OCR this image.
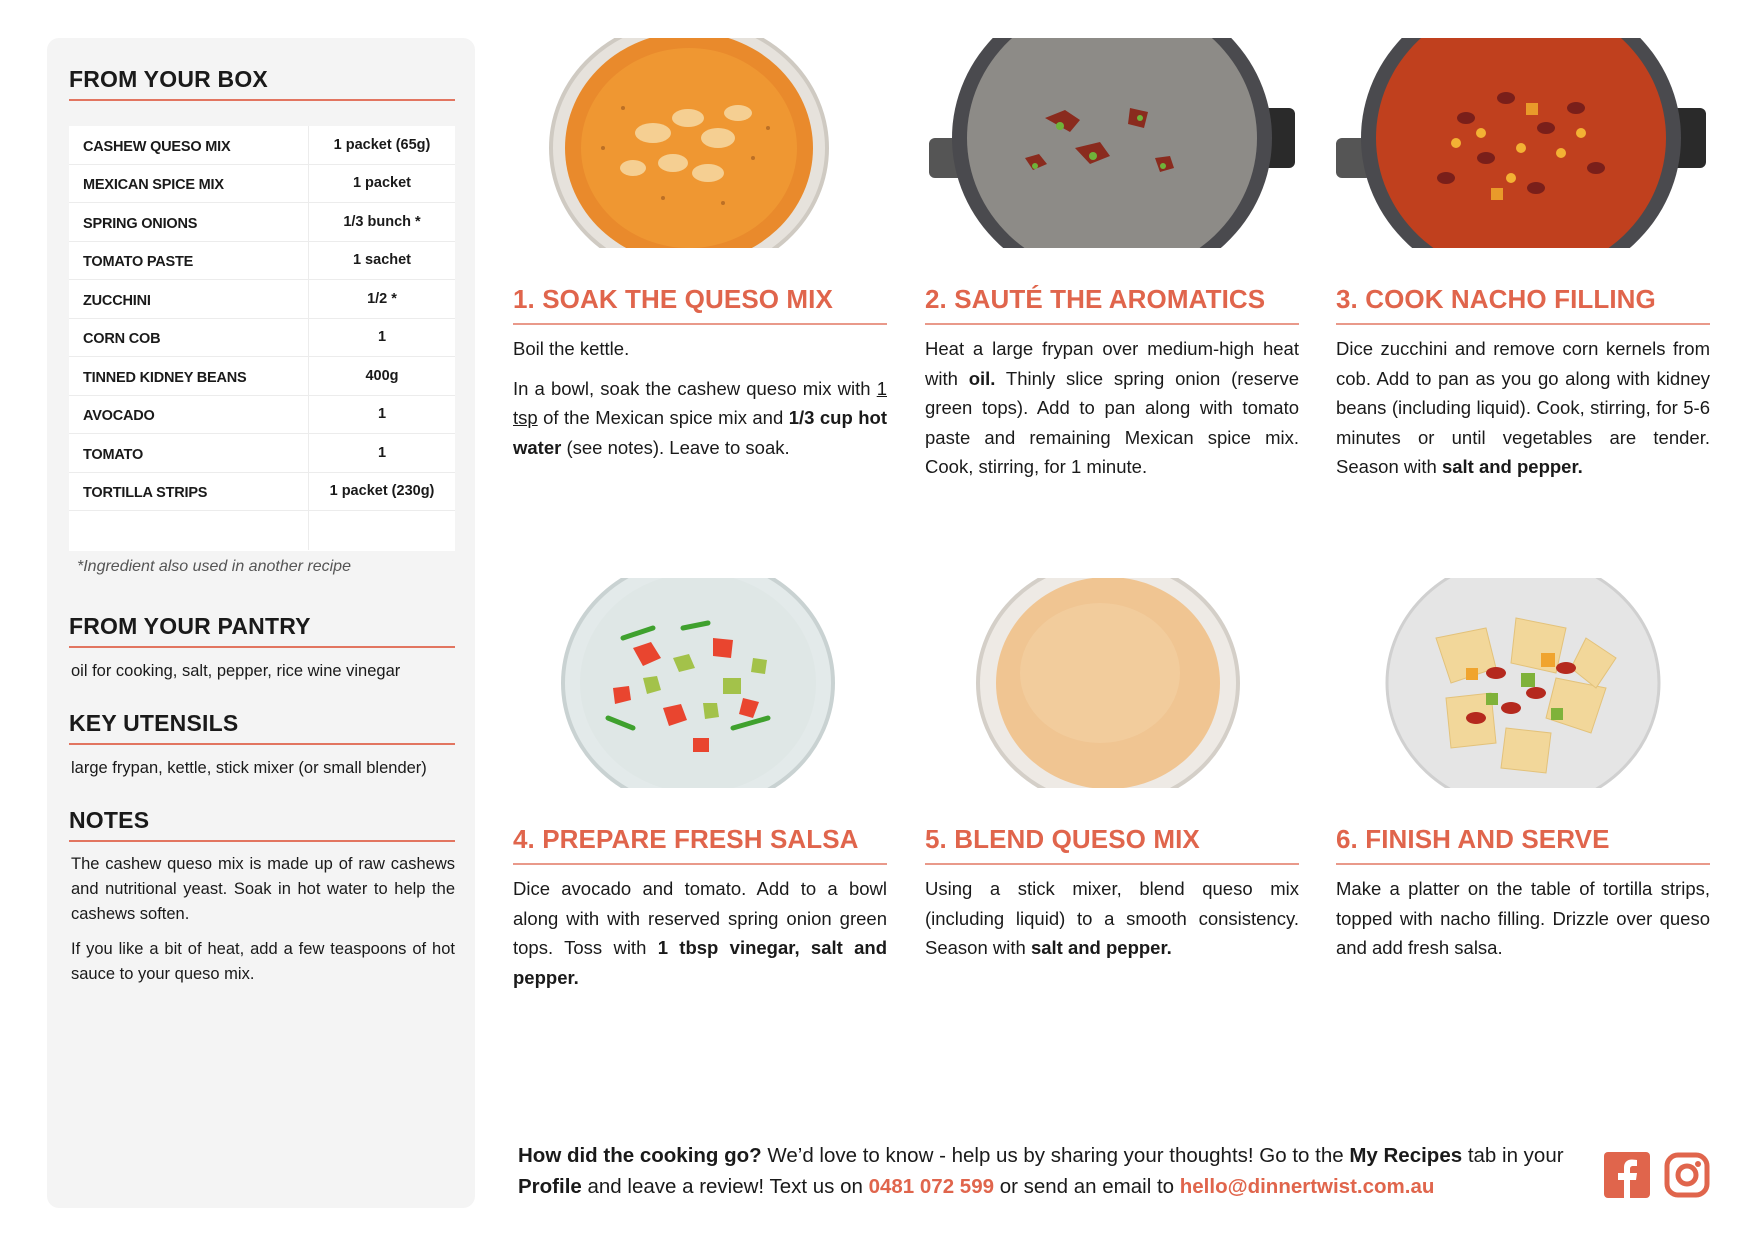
FROM YOUR BOX
CASHEW QUESO MIX	1 packet (65g)
MEXICAN SPICE MIX	1 packet
SPRING ONIONS	1/3 bunch *
TOMATO PASTE	1 sachet
ZUCCHINI	1/2 *
CORN COB	1
TINNED KIDNEY BEANS	400g
AVOCADO	1
TOMATO	1
TORTILLA STRIPS	1 packet (230g)
*Ingredient also used in another recipe
FROM YOUR PANTRY
oil for cooking, salt, pepper, rice wine vinegar
KEY UTENSILS
large frypan, kettle, stick mixer (or small blender)
NOTES

The cashew queso mix is made up of raw cashews and nutritional yeast. Soak in hot water to help the cashews soften.

If you like a bit of heat, add a few teaspoons of hot sauce to your queso mix.

1. SOAK THE QUESO MIX

Boil the kettle.

In a bowl, soak the cashew queso mix with 1 tsp of the Mexican spice mix and 1/3 cup hot water (see notes). Leave to soak.

2. SAUTÉ THE AROMATICS

Heat a large frypan over medium-high heat with oil. Thinly slice spring onion (reserve green tops). Add to pan along with tomato paste and remaining Mexican spice mix. Cook, stirring, for 1 minute.

3. COOK NACHO FILLING

Dice zucchini and remove corn kernels from cob. Add to pan as you go along with kidney beans (including liquid). Cook, stirring, for 5-6 minutes or until vegetables are tender. Season with salt and pepper.

4. PREPARE FRESH SALSA

Dice avocado and tomato. Add to a bowl along with with reserved spring onion green tops. Toss with 1 tbsp vinegar, salt and pepper.

5. BLEND QUESO MIX

Using a stick mixer, blend queso mix (including liquid) to a smooth consistency. Season with salt and pepper.

6. FINISH AND SERVE

Make a platter on the table of tortilla strips, topped with nacho filling. Drizzle over queso and add fresh salsa.

How did the cooking go? We’d love to know - help us by sharing your thoughts! Go to the My Recipes tab in your Profile and leave a review! Text us on 0481 072 599 or send an email to hello@dinnertwist.com.au
